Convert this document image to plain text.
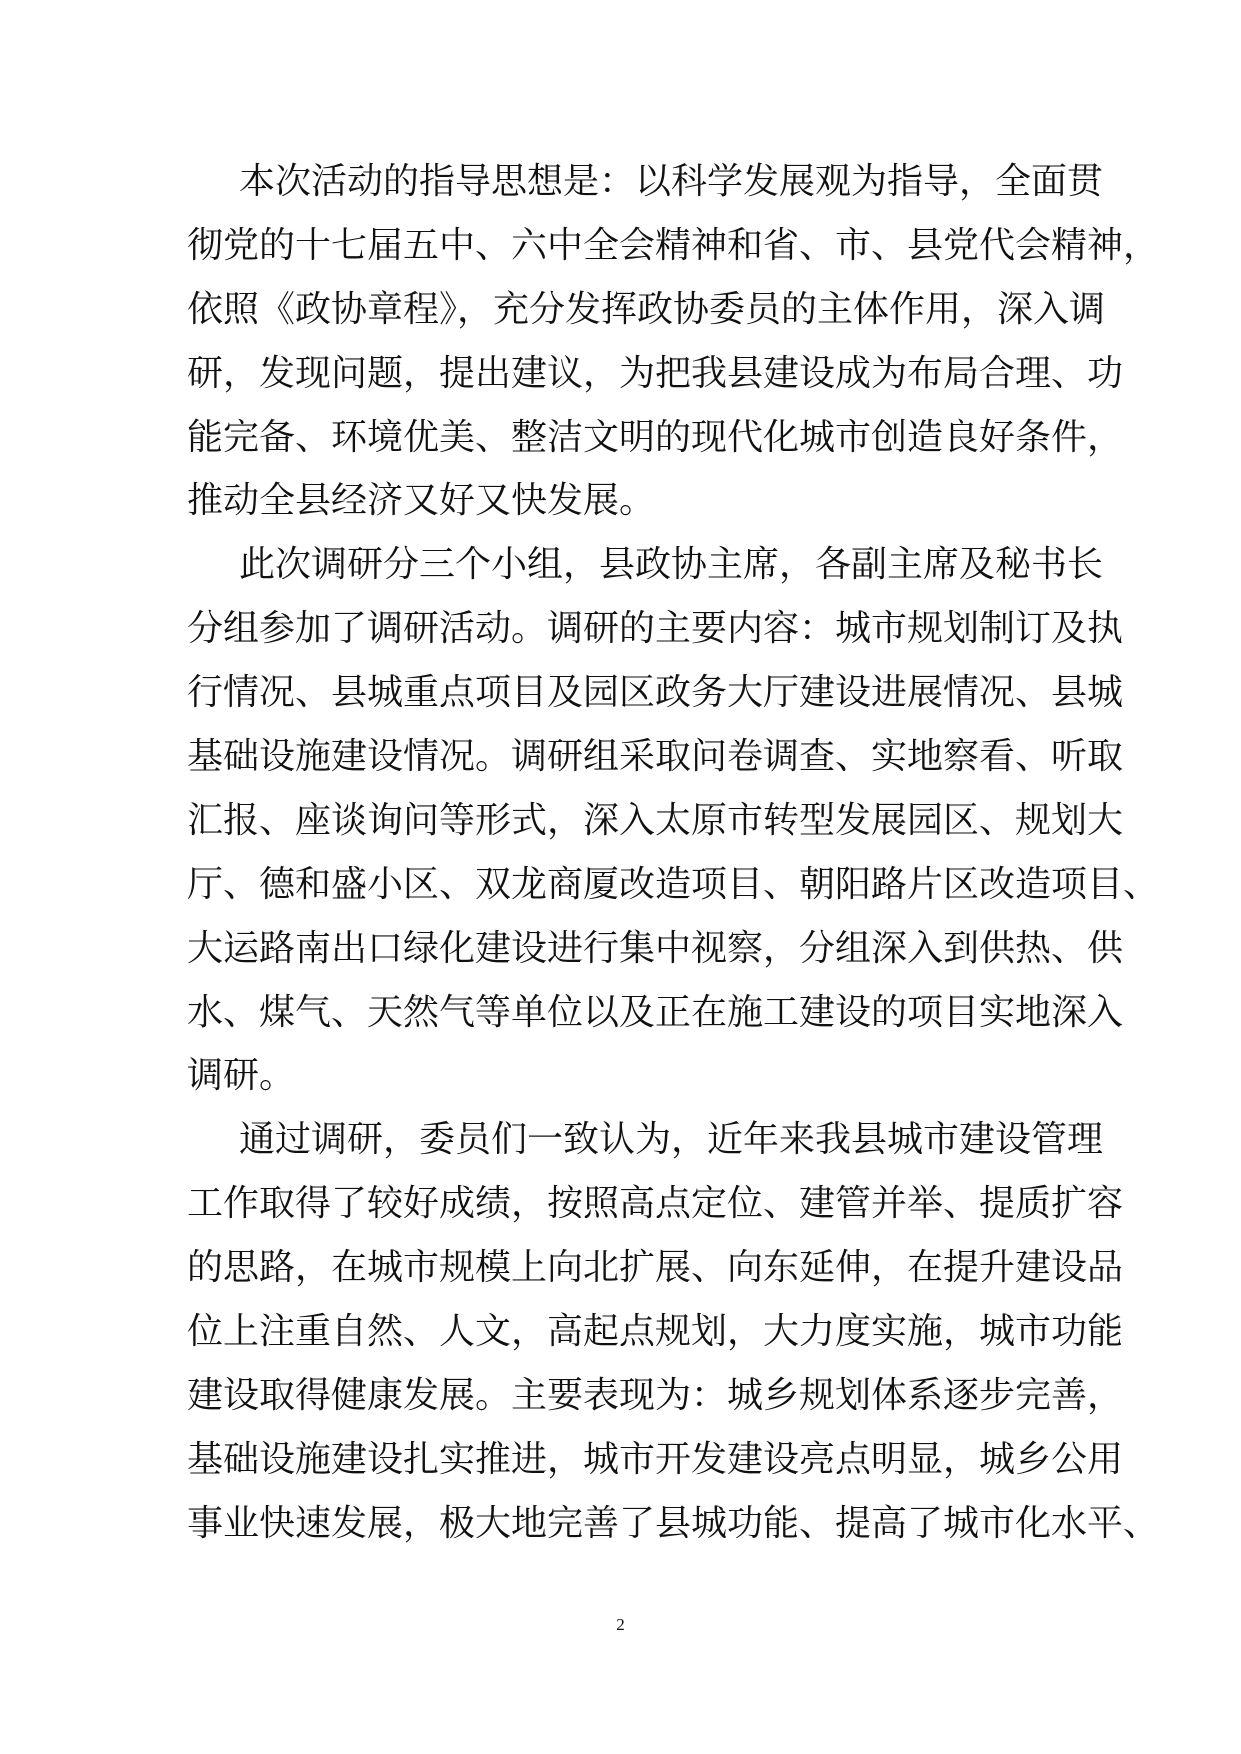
本次活动的指导思想是：以科学发展观为指导，全面贯
彻党的十七届五中、六中全会精神和省、市、县党代会精神，
依照《政协章程》，充分发挥政协委员的主体作用，深入调
研，发现问题，提出建议，为把我县建设成为布局合理、功
能完备、环境优美、整洁文明的现代化城市创造良好条件，
推动全县经济又好又快发展。
此次调研分三个小组，县政协主席，各副主席及秘书长
分组参加了调研活动。调研的主要内容：城市规划制订及执
行情况、县城重点项目及园区政务大厅建设进展情况、县城
基础设施建设情况。调研组采取问卷调查、实地察看、听取
汇报、座谈询问等形式，深入太原市转型发展园区、规划大
厅、德和盛小区、双龙商厦改造项目、朝阳路片区改造项目、
大运路南出口绿化建设进行集中视察，分组深入到供热、供
水、煤气、天然气等单位以及正在施工建设的项目实地深入
调研。
通过调研，委员们一致认为，近年来我县城市建设管理
工作取得了较好成绩，按照高点定位、建管并举、提质扩容
的思路，在城市规模上向北扩展、向东延伸，在提升建设品
位上注重自然、人文，高起点规划，大力度实施，城市功能
建设取得健康发展。主要表现为：城乡规划体系逐步完善，
基础设施建设扎实推进，城市开发建设亮点明显，城乡公用
事业快速发展，极大地完善了县城功能、提高了城市化水平、
2
